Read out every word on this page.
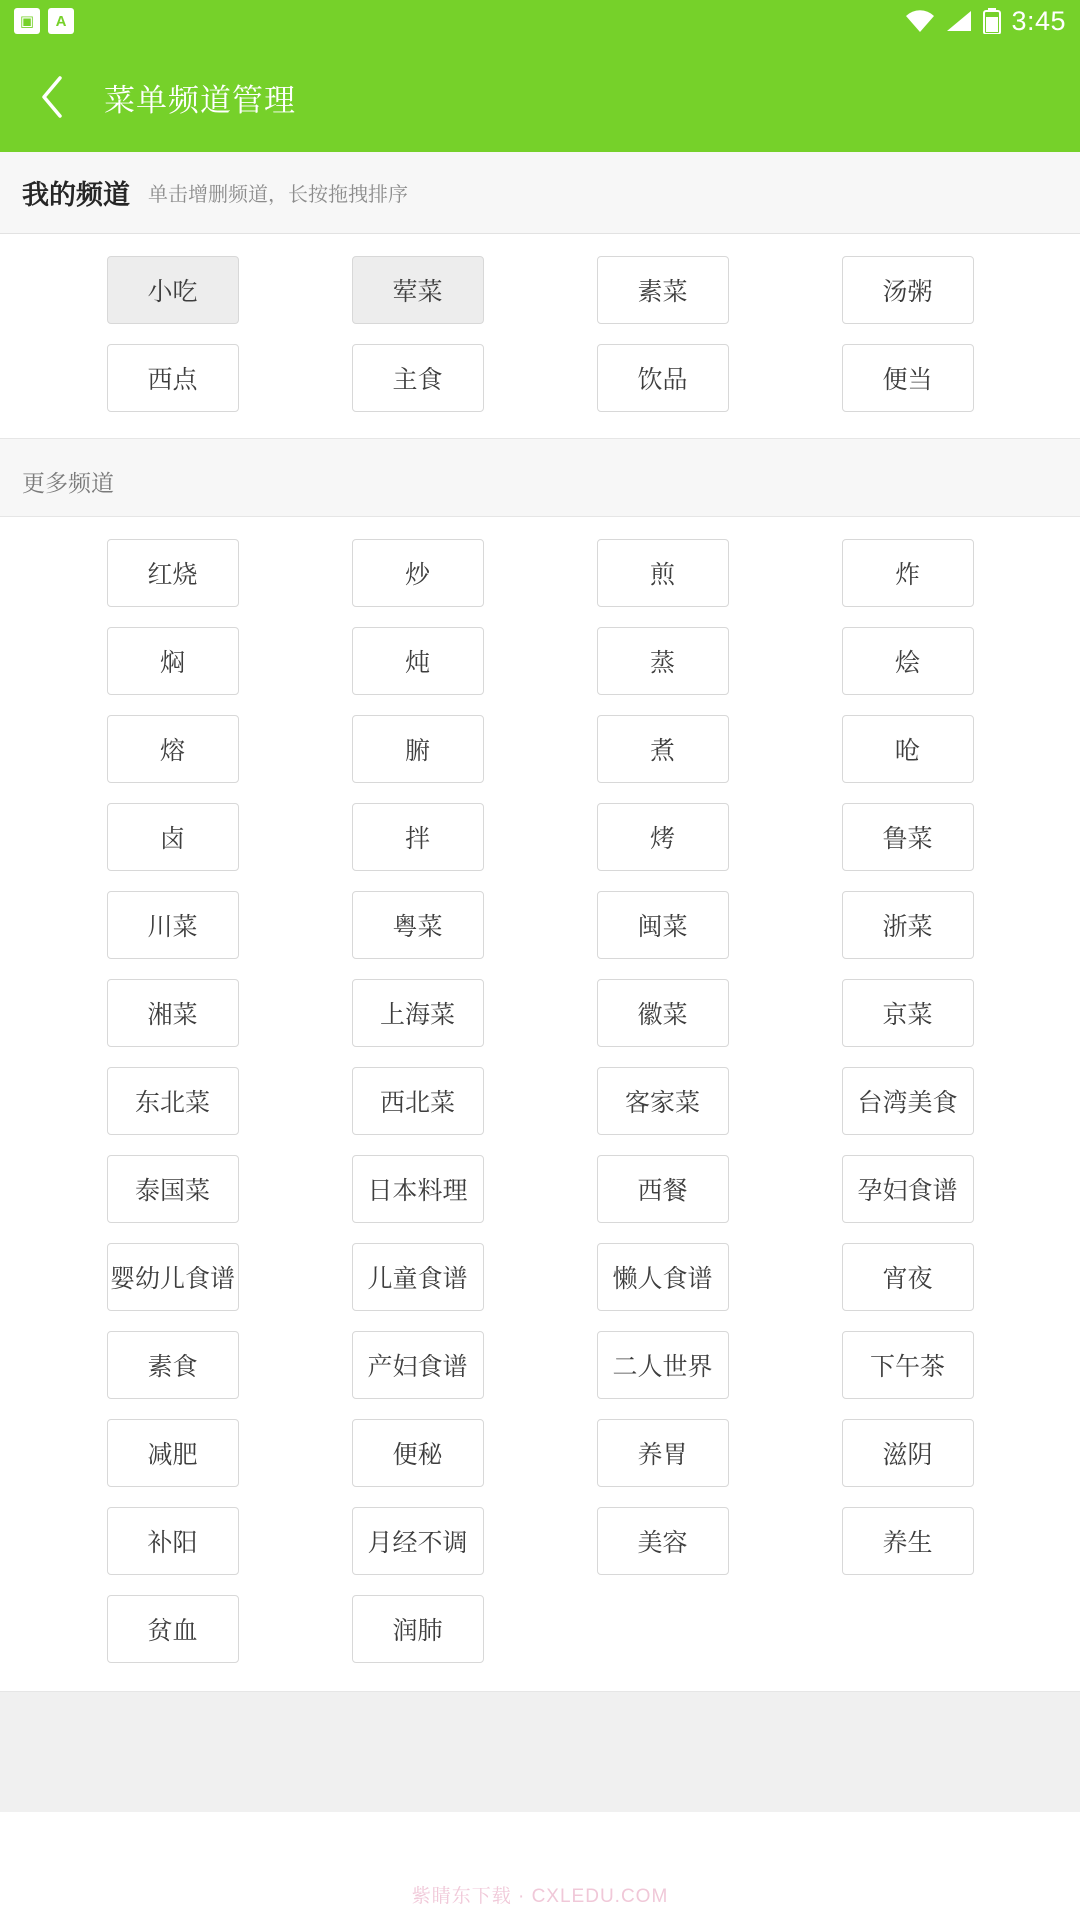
▣	A	3:45
菜单频道管理
我的频道 单击增删频道，长按拖拽排序
小吃	荤菜	素菜	汤粥
西点	主食	饮品	便当
更多频道
红烧	炒	煎	炸
焖	炖	蒸	烩
熔	腑	煮	呛
卤	拌	烤	鲁菜
川菜	粤菜	闽菜	浙菜
湘菜	上海菜	徽菜	京菜
东北菜	西北菜	客家菜	台湾美食
泰国菜	日本料理	西餐	孕妇食谱
婴幼儿食谱	儿童食谱	懒人食谱	宵夜
素食	产妇食谱	二人世界	下午茶
减肥	便秘	养胃	滋阴
补阳	月经不调	美容	养生
贫血	润肺
紫睛东下载 · CXLEDU.COM
